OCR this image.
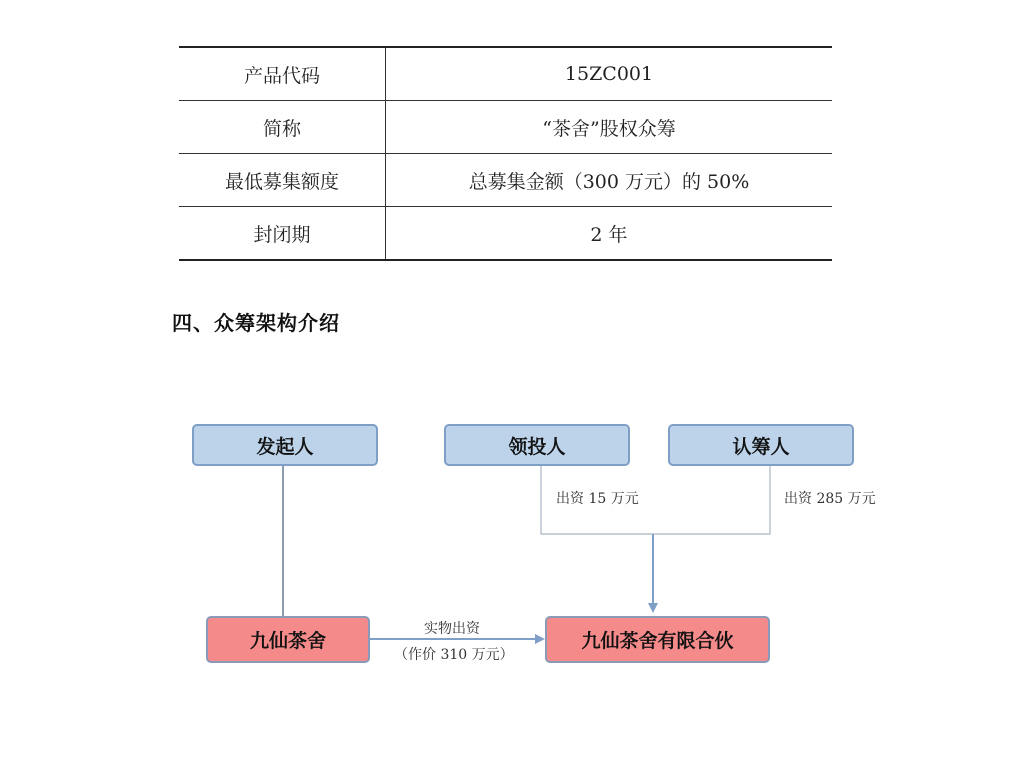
产品代码	15ZC001
简称	“茶舍”股权众筹
最低募集额度	总募集金额（300 万元）的 50%
封闭期	2 年
四、众筹架构介绍
发起人	领投人	认筹人
出资 15 万元	出资 285 万元
九仙茶舍	九仙茶舍有限合伙
实物出资
（作价 310 万元）
